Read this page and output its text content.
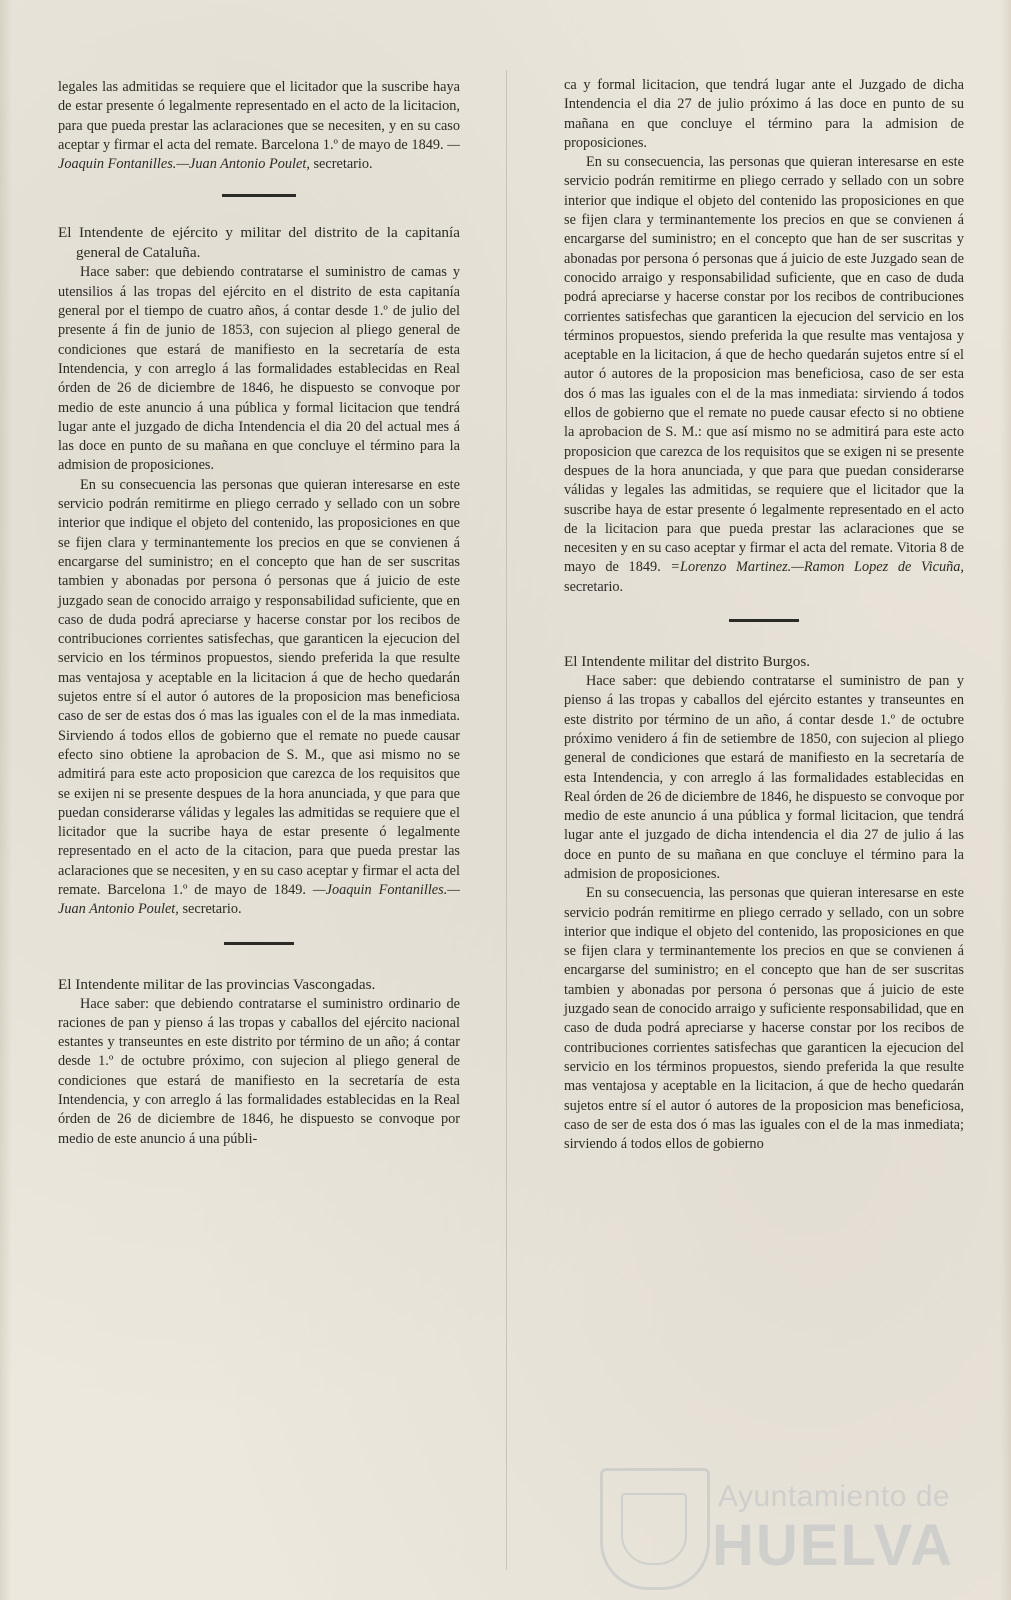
legales las admitidas se requiere que el licitador que la suscribe haya de estar presente ó legalmente representado en el acto de la licitacion, para que pueda prestar las aclaraciones que se necesiten, y en su caso aceptar y firmar el acta del remate. Barcelona 1.º de mayo de 1849. —Joaquin Fontanilles.—Juan Antonio Poulet, secretario.

El Intendente de ejército y militar del distrito de la capitanía general de Cataluña.

Hace saber: que debiendo contratarse el suministro de camas y utensilios á las tropas del ejército en el distrito de esta capitanía general por el tiempo de cuatro años, á contar desde 1.º de julio del presente á fin de junio de 1853, con sujecion al pliego general de condiciones que estará de manifiesto en la secretaría de esta Intendencia, y con arreglo á las formalidades establecidas en Real órden de 26 de diciembre de 1846, he dispuesto se convoque por medio de este anuncio á una pública y formal licitacion que tendrá lugar ante el juzgado de dicha Intendencia el dia 20 del actual mes á las doce en punto de su mañana en que concluye el término para la admision de proposiciones.

En su consecuencia las personas que quieran interesarse en este servicio podrán remitirme en pliego cerrado y sellado con un sobre interior que indique el objeto del contenido, las proposiciones en que se fijen clara y terminantemente los precios en que se convienen á encargarse del suministro; en el concepto que han de ser suscritas tambien y abonadas por persona ó personas que á juicio de este juzgado sean de conocido arraigo y responsabilidad suficiente, que en caso de duda podrá apreciarse y hacerse constar por los recibos de contribuciones corrientes satisfechas, que garanticen la ejecucion del servicio en los términos propuestos, siendo preferida la que resulte mas ventajosa y aceptable en la licitacion á que de hecho quedarán sujetos entre sí el autor ó autores de la proposicion mas beneficiosa caso de ser de estas dos ó mas las iguales con el de la mas inmediata. Sirviendo á todos ellos de gobierno que el remate no puede causar efecto sino obtiene la aprobacion de S. M., que asi mismo no se admitirá para este acto proposicion que carezca de los requisitos que se exijen ni se presente despues de la hora anunciada, y que para que puedan considerarse válidas y legales las admitidas se requiere que el licitador que la sucribe haya de estar presente ó legalmente representado en el acto de la citacion, para que pueda prestar las aclaraciones que se necesiten, y en su caso aceptar y firmar el acta del remate. Barcelona 1.º de mayo de 1849. —Joaquin Fontanilles.—Juan Antonio Poulet, secretario.

El Intendente militar de las provincias Vascongadas.

Hace saber: que debiendo contratarse el suministro ordinario de raciones de pan y pienso á las tropas y caballos del ejército nacional estantes y transeuntes en este distrito por término de un año; á contar desde 1.º de octubre próximo, con sujecion al pliego general de condiciones que estará de manifiesto en la secretaría de esta Intendencia, y con arreglo á las formalidades establecidas en la Real órden de 26 de diciembre de 1846, he dispuesto se convoque por medio de este anuncio á una públi-

ca y formal licitacion, que tendrá lugar ante el Juzgado de dicha Intendencia el dia 27 de julio próximo á las doce en punto de su mañana en que concluye el término para la admision de proposiciones.

En su consecuencia, las personas que quieran interesarse en este servicio podrán remitirme en pliego cerrado y sellado con un sobre interior que indique el objeto del contenido las proposiciones en que se fijen clara y terminantemente los precios en que se convienen á encargarse del suministro; en el concepto que han de ser suscritas y abonadas por persona ó personas que á juicio de este Juzgado sean de conocido arraigo y responsabilidad suficiente, que en caso de duda podrá apreciarse y hacerse constar por los recibos de contribuciones corrientes satisfechas que garanticen la ejecucion del servicio en los términos propuestos, siendo preferida la que resulte mas ventajosa y aceptable en la licitacion, á que de hecho quedarán sujetos entre sí el autor ó autores de la proposicion mas beneficiosa, caso de ser esta dos ó mas las iguales con el de la mas inmediata: sirviendo á todos ellos de gobierno que el remate no puede causar efecto si no obtiene la aprobacion de S. M.: que así mismo no se admitirá para este acto proposicion que carezca de los requisitos que se exigen ni se presente despues de la hora anunciada, y que para que puedan considerarse válidas y legales las admitidas, se requiere que el licitador que la suscribe haya de estar presente ó legalmente representado en el acto de la licitacion para que pueda prestar las aclaraciones que se necesiten y en su caso aceptar y firmar el acta del remate. Vitoria 8 de mayo de 1849. =Lorenzo Martinez.—Ramon Lopez de Vicuña, secretario.

El Intendente militar del distrito Burgos.

Hace saber: que debiendo contratarse el suministro de pan y pienso á las tropas y caballos del ejército estantes y transeuntes en este distrito por término de un año, á contar desde 1.º de octubre próximo venidero á fin de setiembre de 1850, con sujecion al pliego general de condiciones que estará de manifiesto en la secretaría de esta Intendencia, y con arreglo á las formalidades establecidas en Real órden de 26 de diciembre de 1846, he dispuesto se convoque por medio de este anuncio á una pública y formal licitacion, que tendrá lugar ante el juzgado de dicha intendencia el dia 27 de julio á las doce en punto de su mañana en que concluye el término para la admision de proposiciones.

En su consecuencia, las personas que quieran interesarse en este servicio podrán remitirme en pliego cerrado y sellado, con un sobre interior que indique el objeto del contenido, las proposiciones en que se fijen clara y terminantemente los precios en que se convienen á encargarse del suministro; en el concepto que han de ser suscritas tambien y abonadas por persona ó personas que á juicio de este juzgado sean de conocido arraigo y suficiente responsabilidad, que en caso de duda podrá apreciarse y hacerse constar por los recibos de contribuciones corrientes satisfechas que garanticen la ejecucion del servicio en los términos propuestos, siendo preferida la que resulte mas ventajosa y aceptable en la licitacion, á que de hecho quedarán sujetos entre sí el autor ó autores de la proposicion mas beneficiosa, caso de ser de esta dos ó mas las iguales con el de la mas inmediata; sirviendo á todos ellos de gobierno

Ayuntamiento de
HUELVA
